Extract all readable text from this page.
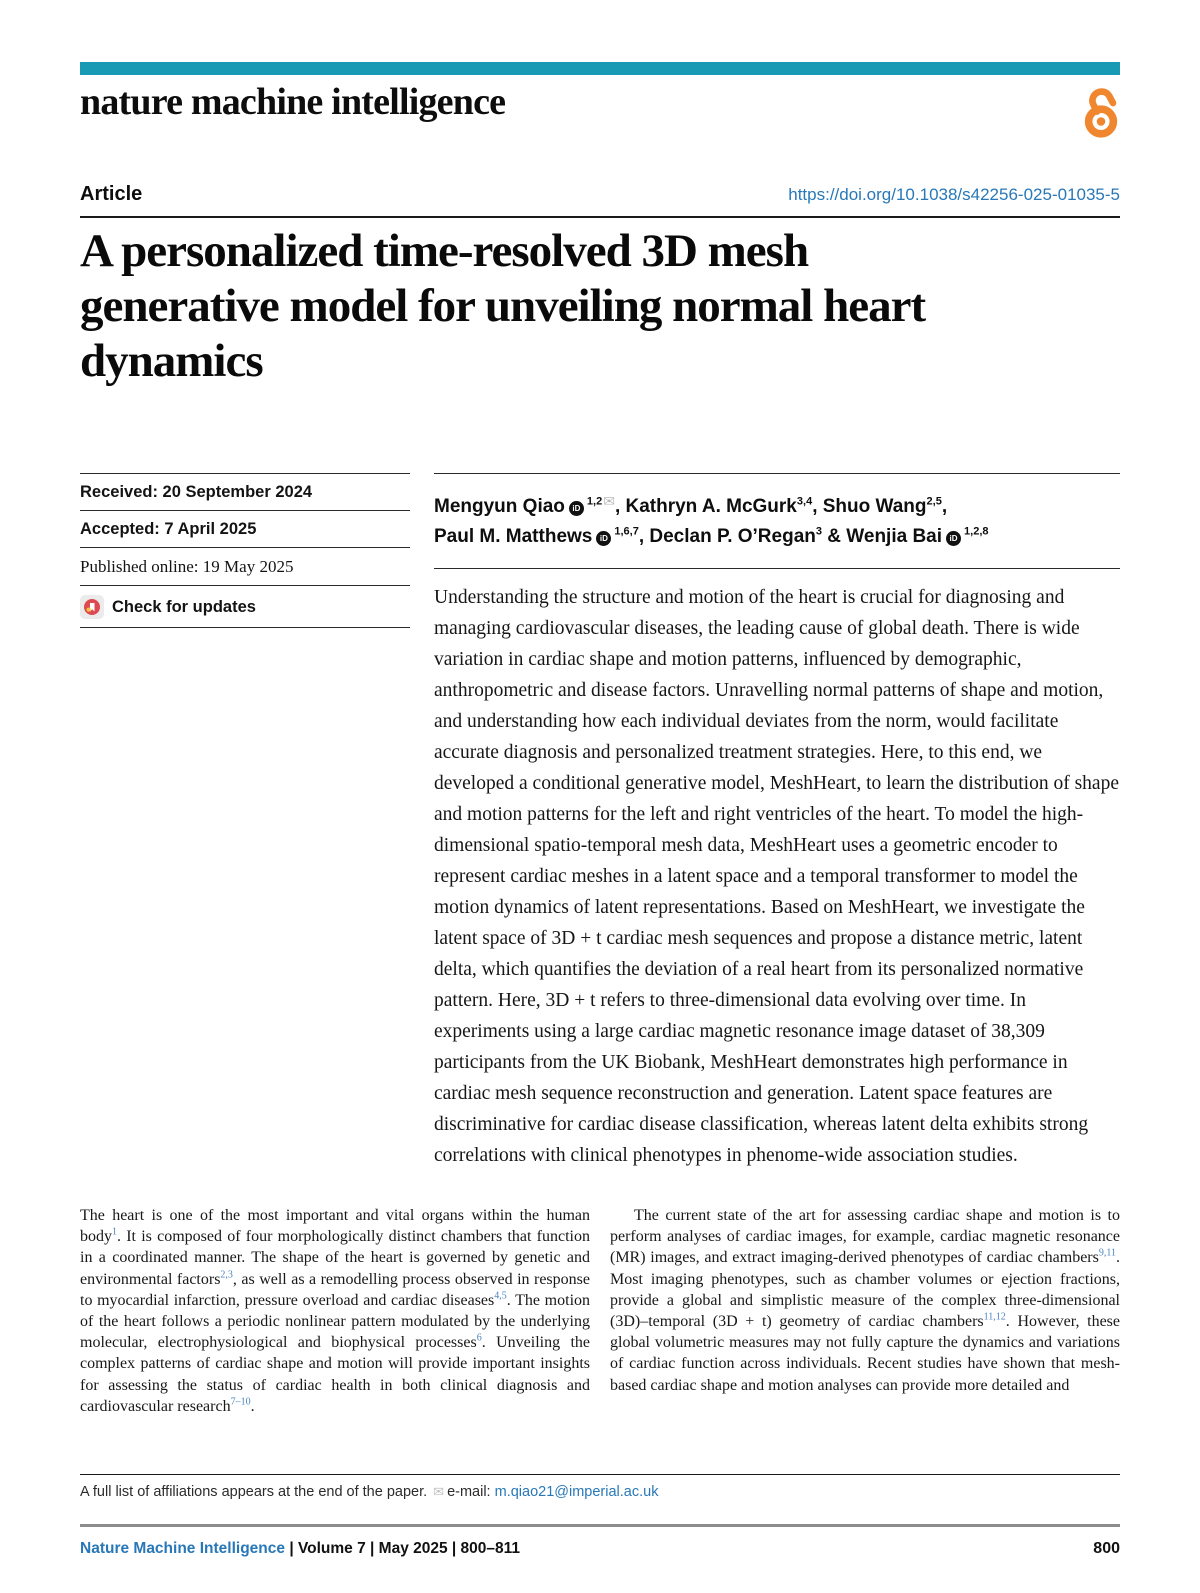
nature machine intelligence
Article	https://doi.org/10.1038/s42256-025-01035-5
A personalized time-resolved 3D mesh generative model for unveiling normal heart dynamics
Received: 20 September 2024
Accepted: 7 April 2025
Published online: 19 May 2025
Check for updates
Mengyun Qiao $iD^{1,2✉}$, Kathryn A. McGurk$^{3,4}$, Shuo Wang$^{2,5}$,
Paul M. Matthews iD$^{1,6,7}$, Declan P. O’Regan$^3$ & Wenjia Bai iD$^{1,2,8}$
Understanding the structure and motion of the heart is crucial for diagnosing and managing cardiovascular diseases, the leading cause of global death. There is wide variation in cardiac shape and motion patterns, influenced by demographic, anthropometric and disease factors. Unravelling normal patterns of shape and motion, and understanding how each individual deviates from the norm, would facilitate accurate diagnosis and personalized treatment strategies. Here, to this end, we developed a conditional generative model, MeshHeart, to learn the distribution of shape and motion patterns for the left and right ventricles of the heart. To model the high-dimensional spatio-temporal mesh data, MeshHeart uses a geometric encoder to represent cardiac meshes in a latent space and a temporal transformer to model the motion dynamics of latent representations. Based on MeshHeart, we investigate the latent space of 3D + t cardiac mesh sequences and propose a distance metric, latent delta, which quantifies the deviation of a real heart from its personalized normative pattern. Here, 3D + t refers to three-dimensional data evolving over time. In experiments using a large cardiac magnetic resonance image dataset of 38,309 participants from the UK Biobank, MeshHeart demonstrates high performance in cardiac mesh sequence reconstruction and generation. Latent space features are discriminative for cardiac disease classification, whereas latent delta exhibits strong correlations with clinical phenotypes in phenome-wide association studies.

The heart is one of the most important and vital organs within the human body$^1$. It is composed of four morphologically distinct chambers that function in a coordinated manner. The shape of the heart is governed by genetic and environmental factors$^{2,3}$, as well as a remodelling process observed in response to myocardial infarction, pressure overload and cardiac diseases$^{4,5}$. The motion of the heart follows a periodic nonlinear pattern modulated by the underlying molecular, electrophysiological and biophysical processes$^6$. Unveiling the complex patterns of cardiac shape and motion will provide important insights for assessing the status of cardiac health in both clinical diagnosis and cardiovascular research$^{7-10}$.

The current state of the art for assessing cardiac shape and motion is to perform analyses of cardiac images, for example, cardiac magnetic resonance (MR) images, and extract imaging-derived phenotypes of cardiac chambers$^{9,11}$. Most imaging phenotypes, such as chamber volumes or ejection fractions, provide a global and simplistic measure of the complex three-dimensional (3D)–temporal (3D + t) geometry of cardiac chambers$^{11,12}$. However, these global volumetric measures may not fully capture the dynamics and variations of cardiac function across individuals. Recent studies have shown that mesh-based cardiac shape and motion analyses can provide more detailed and

A full list of affiliations appears at the end of the paper. ✉ e-mail: m.qiao21@imperial.ac.uk
Nature Machine Intelligence | Volume 7 | May 2025 | 800–811	800
